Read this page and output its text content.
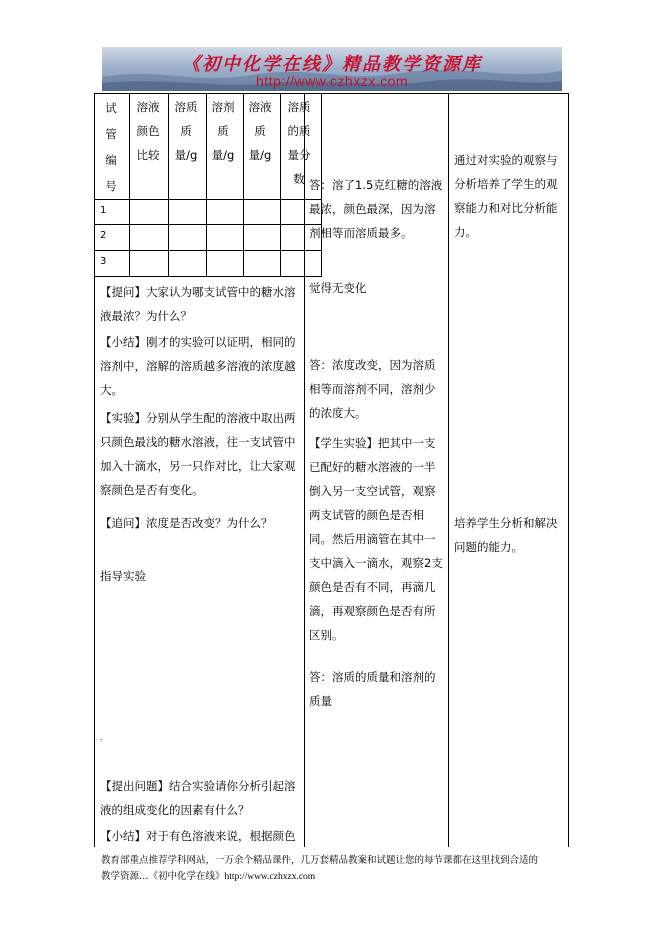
《初中化学在线》精品教学资源库
http://www.czhxzx.com
试管编号
溶液颜色比较
溶质质量/g
溶剂质量/g
溶液质量/g
溶质的质量分数
1
2
3
【提问】大家认为哪支试管中的糖水溶液最浓？为什么？
【小结】刚才的实验可以证明，相同的溶剂中，溶解的溶质越多溶液的浓度越大。
【实验】分别从学生配的溶液中取出两只颜色最浅的糖水溶液，往一支试管中加入十滴水，另一只作对比，让大家观察颜色是否有变化。
【追问】浓度是否改变？为什么？
指导实验
.
【提出问题】结合实验请你分析引起溶液的组成变化的因素有什么？
【小结】对于有色溶液来说，根据颜色
答：溶了1.5克红糖的溶液最浓，颜色最深，因为溶剂相等而溶质最多。
觉得无变化
答：浓度改变，因为溶质相等而溶剂不同，溶剂少的浓度大。
【学生实验】把其中一支已配好的糖水溶液的一半倒入另一支空试管，观察两支试管的颜色是否相同。然后用滴管在其中一支中滴入一滴水，观察2支颜色是否有不同，再滴几滴，再观察颜色是否有所区别。
答：溶质的质量和溶剂的质量
通过对实验的观察与分析培养了学生的观察能力和对比分析能力。
培养学生分析和解决问题的能力。
教育部重点推荐学科网站，一万余个精品课件，几万套精品教案和试题让您的每节课都在这里找到合适的
教学资源…《初中化学在线》http://www.czhxzx.com
